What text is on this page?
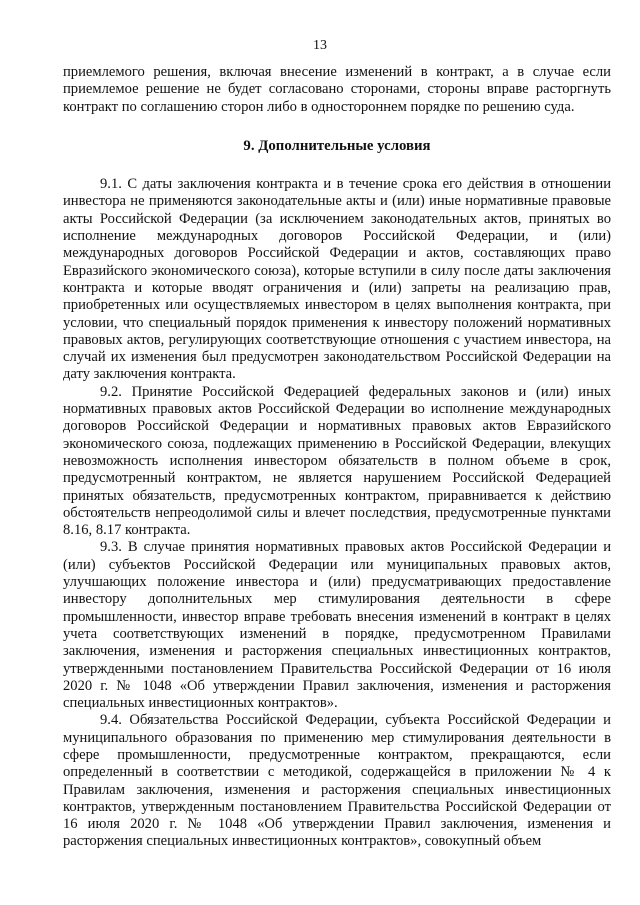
13

приемлемого решения, включая внесение изменений в контракт, а в случае если приемлемое решение не будет согласовано сторонами, стороны вправе расторгнуть контракт по соглашению сторон либо в одностороннем порядке по решению суда.

9. Дополнительные условия

9.1. С даты заключения контракта и в течение срока его действия в отношении инвестора не применяются законодательные акты и (или) иные нормативные правовые акты Российской Федерации (за исключением законодательных актов, принятых во исполнение международных договоров Российской Федерации, и (или) международных договоров Российской Федерации и актов, составляющих право Евразийского экономического союза), которые вступили в силу после даты заключения контракта и которые вводят ограничения и (или) запреты на реализацию прав, приобретенных или осуществляемых инвестором в целях выполнения контракта, при условии, что специальный порядок применения к инвестору положений нормативных правовых актов, регулирующих соответствующие отношения с участием инвестора, на случай их изменения был предусмотрен законодательством Российской Федерации на дату заключения контракта.

9.2. Принятие Российской Федерацией федеральных законов и (или) иных нормативных правовых актов Российской Федерации во исполнение международных договоров Российской Федерации и нормативных правовых актов Евразийского экономического союза, подлежащих применению в Российской Федерации, влекущих невозможность исполнения инвестором обязательств в полном объеме в срок, предусмотренный контрактом, не является нарушением Российской Федерацией принятых обязательств, предусмотренных контрактом, приравнивается к действию обстоятельств непреодолимой силы и влечет последствия, предусмотренные пунктами 8.16, 8.17 контракта.

9.3. В случае принятия нормативных правовых актов Российской Федерации и (или) субъектов Российской Федерации или муниципальных правовых актов, улучшающих положение инвестора и (или) предусматривающих предоставление инвестору дополнительных мер стимулирования деятельности в сфере промышленности, инвестор вправе требовать внесения изменений в контракт в целях учета соответствующих изменений в порядке, предусмотренном Правилами заключения, изменения и расторжения специальных инвестиционных контрактов, утвержденными постановлением Правительства Российской Федерации от 16 июля 2020 г. № 1048 «Об утверждении Правил заключения, изменения и расторжения специальных инвестиционных контрактов».

9.4. Обязательства Российской Федерации, субъекта Российской Федерации и муниципального образования по применению мер стимулирования деятельности в сфере промышленности, предусмотренные контрактом, прекращаются, если определенный в соответствии с методикой, содержащейся в приложении № 4 к Правилам заключения, изменения и расторжения специальных инвестиционных контрактов, утвержденным постановлением Правительства Российской Федерации от 16 июля 2020 г. № 1048 «Об утверждении Правил заключения, изменения и расторжения специальных инвестиционных контрактов», совокупный объем
